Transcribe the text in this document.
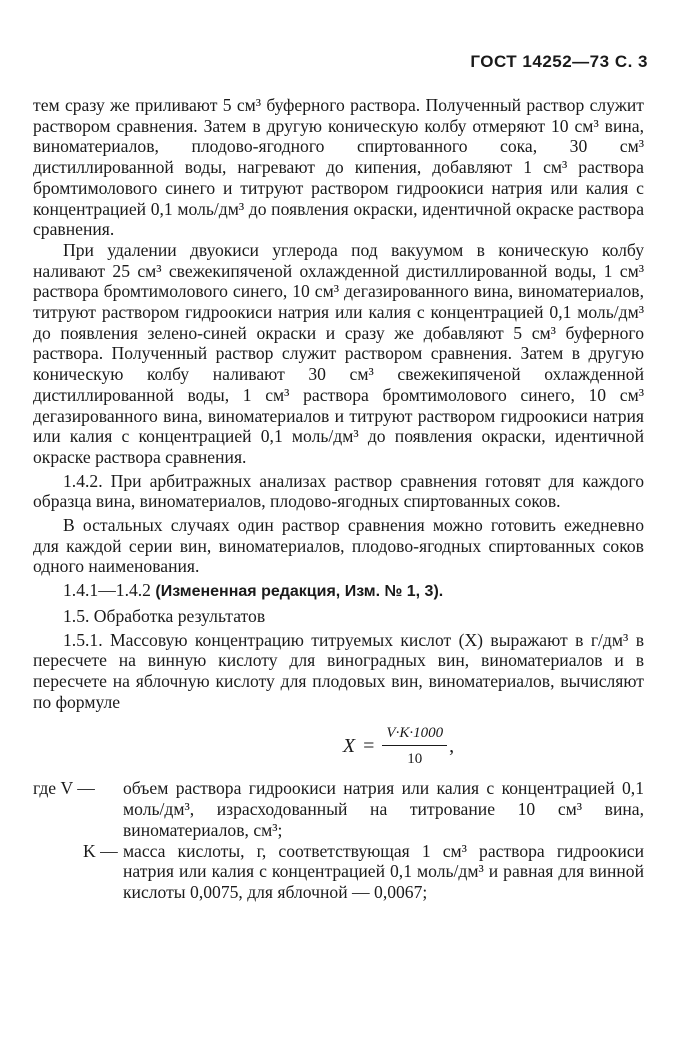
ГОСТ 14252—73 С. 3

тем сразу же приливают 5 см³ буферного раствора. Полученный раствор служит раствором сравнения. Затем в другую коническую колбу отмеряют 10 см³ вина, виноматериалов, плодово-ягодного спиртованного сока, 30 см³ дистиллированной воды, нагревают до кипения, добавляют 1 см³ раствора бромтимолового синего и титруют раствором гидроокиси натрия или калия с концентрацией 0,1 моль/дм³ до появления окраски, идентичной окраске раствора сравнения.

При удалении двуокиси углерода под вакуумом в коническую колбу наливают 25 см³ свежекипяченой охлажденной дистиллированной воды, 1 см³ раствора бромтимолового синего, 10 см³ дегазированного вина, виноматериалов, титруют раствором гидроокиси натрия или калия с концентрацией 0,1 моль/дм³ до появления зелено-синей окраски и сразу же добавляют 5 см³ буферного раствора. Полученный раствор служит раствором сравнения. Затем в другую коническую колбу наливают 30 см³ свежекипяченой охлажденной дистиллированной воды, 1 см³ раствора бромтимолового синего, 10 см³ дегазированного вина, виноматериалов и титруют раствором гидроокиси натрия или калия с концентрацией 0,1 моль/дм³ до появления окраски, идентичной окраске раствора сравнения.

1.4.2. При арбитражных анализах раствор сравнения готовят для каждого образца вина, виноматериалов, плодово-ягодных спиртованных соков.

В остальных случаях один раствор сравнения можно готовить ежедневно для каждой серии вин, виноматериалов, плодово-ягодных спиртованных соков одного наименования.

1.4.1—1.4.2 (Измененная редакция, Изм. № 1, 3).

1.5. Обработка результатов

1.5.1. Массовую концентрацию титруемых кислот (X) выражают в г/дм³ в пересчете на винную кислоту для виноградных вин, виноматериалов и в пересчете на яблочную кислоту для плодовых вин, виноматериалов, вычисляют по формуле

$X = \frac{V\cdot K\cdot 1000}{10}$ ,
где V —	объем раствора гидроокиси натрия или калия с концентрацией 0,1 моль/дм³, израсходованный на титрование 10 см³ вина, виноматериалов, см³;
K — масса кислоты, г, соответствующая 1 см³ раствора гидроокиси натрия или калия с концентрацией 0,1 моль/дм³ и равная для винной кислоты 0,0075, для яблочной — 0,0067;
